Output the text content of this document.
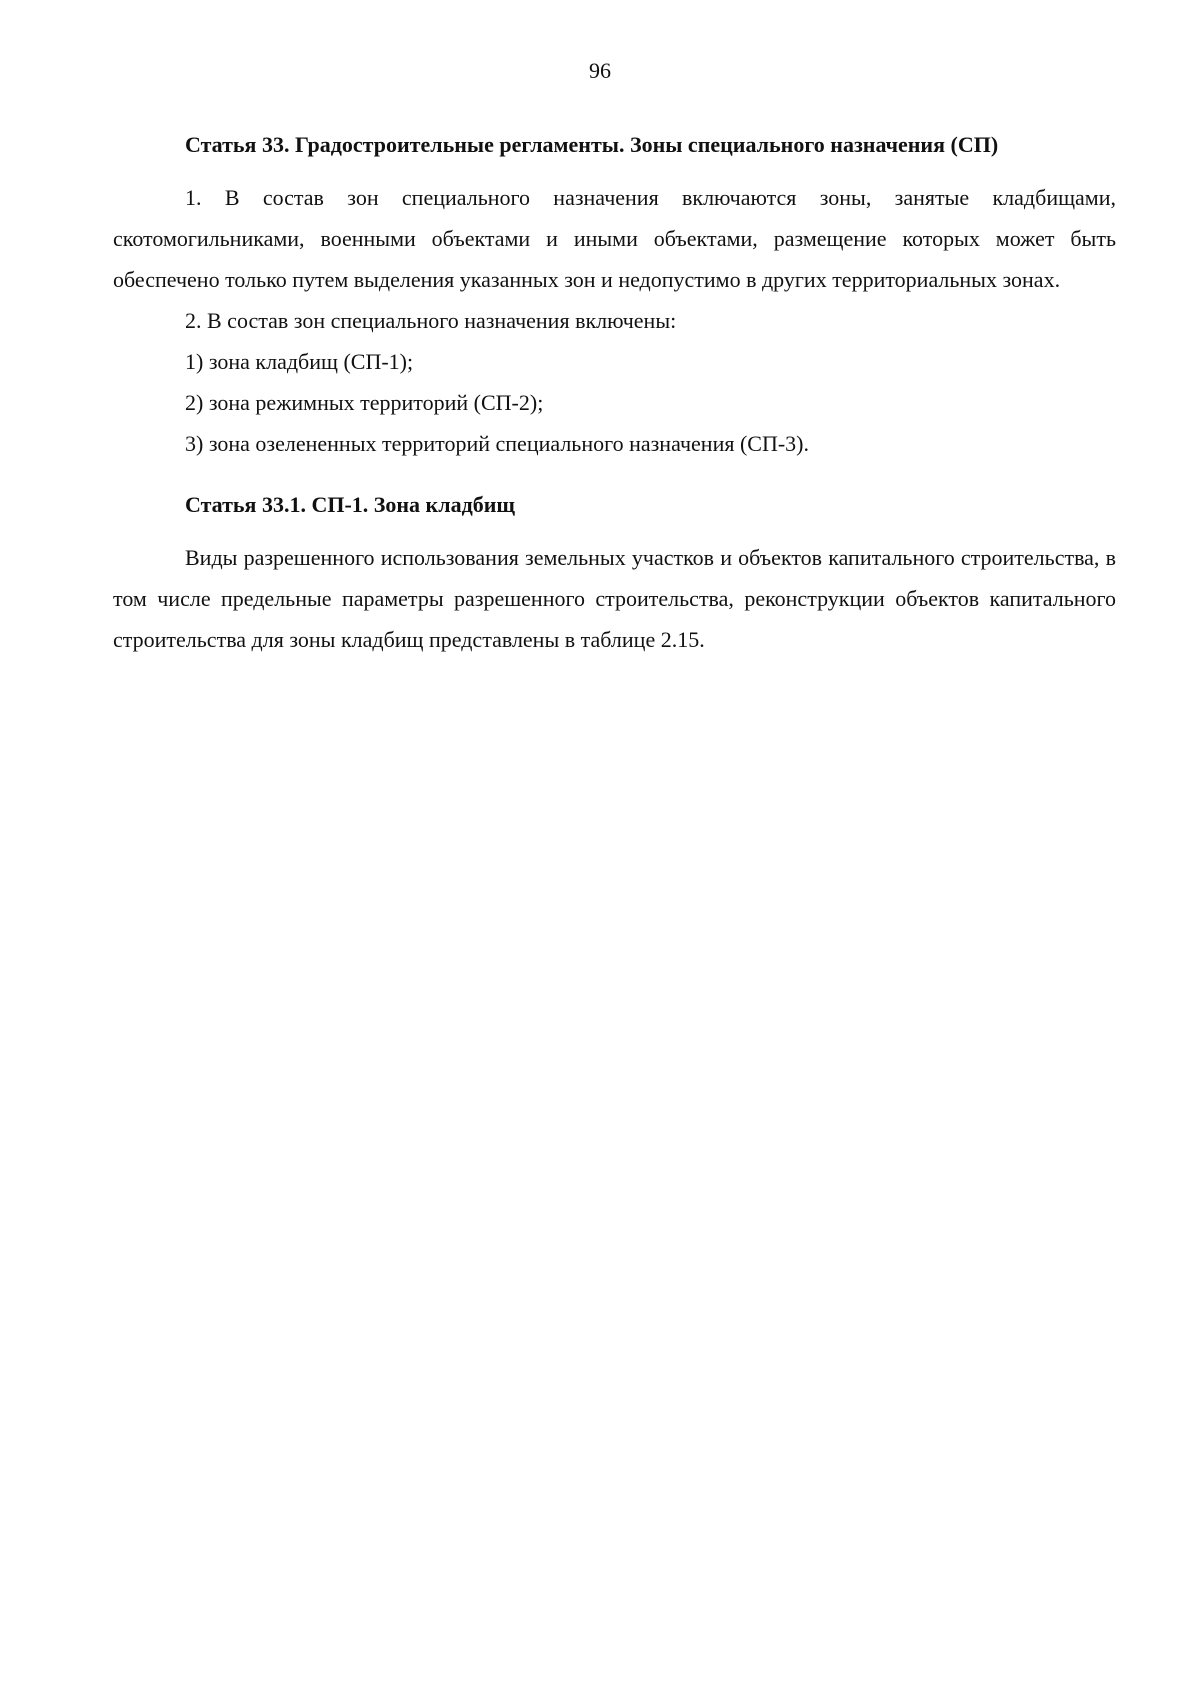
96

Статья 33. Градостроительные регламенты. Зоны специального назначения (СП)

1. В состав зон специального назначения включаются зоны, занятые кладбищами, скотомогильниками, военными объектами и иными объектами, размещение которых может быть обеспечено только путем выделения указанных зон и недопустимо в других территориальных зонах.

2. В состав зон специального назначения включены:

1) зона кладбищ (СП-1);

2) зона режимных территорий (СП-2);

3) зона озелененных территорий специального назначения (СП-3).

Статья 33.1. СП-1. Зона кладбищ

Виды разрешенного использования земельных участков и объектов капитального строительства, в том числе предельные параметры разрешенного строительства, реконструкции объектов капитального строительства для зоны кладбищ представлены в таблице 2.15.
